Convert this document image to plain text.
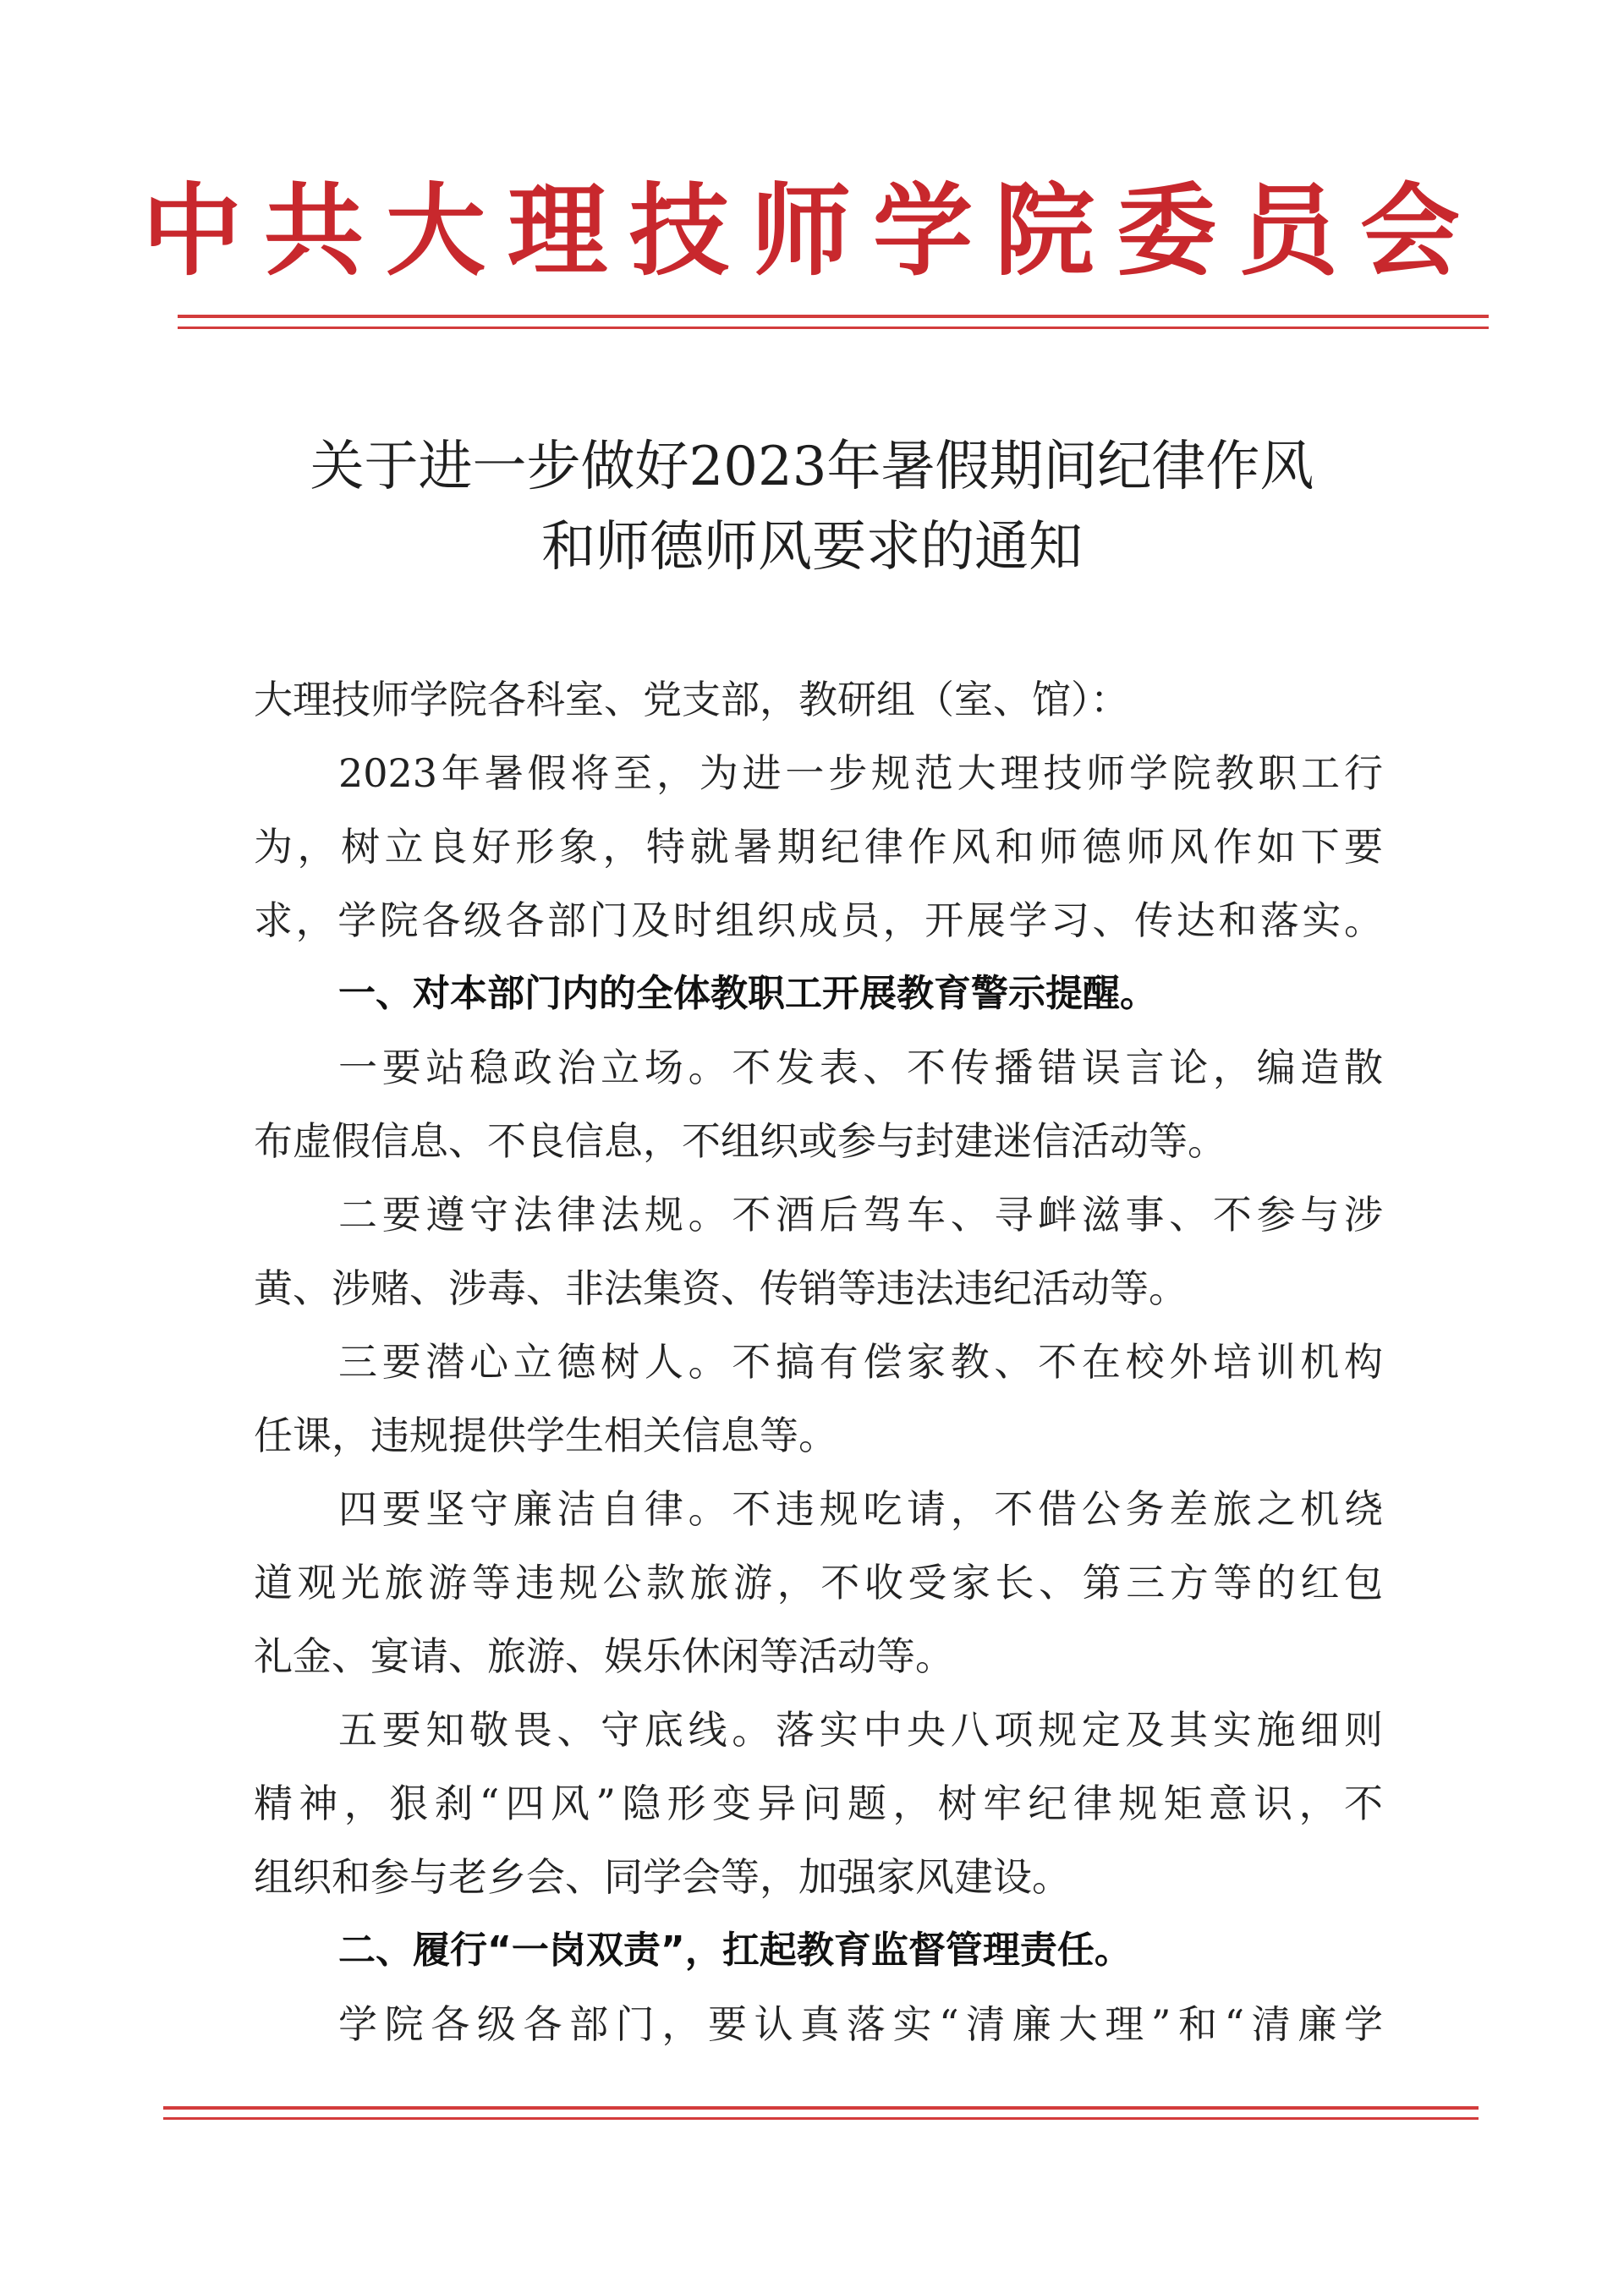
中共大理技师学院委员会
关于进一步做好2023年暑假期间纪律作风
和师德师风要求的通知
大理技师学院各科室、党支部，教研组（室、馆）：
2023年暑假将至，为进一步规范大理技师学院教职工行
为，树立良好形象，特就暑期纪律作风和师德师风作如下要
求，学院各级各部门及时组织成员，开展学习、传达和落实。
一、对本部门内的全体教职工开展教育警示提醒。
一要站稳政治立场。不发表、不传播错误言论，编造散
布虚假信息、不良信息，不组织或参与封建迷信活动等。
二要遵守法律法规。不酒后驾车、寻衅滋事、不参与涉
黄、涉赌、涉毒、非法集资、传销等违法违纪活动等。
三要潜心立德树人。不搞有偿家教、不在校外培训机构
任课，违规提供学生相关信息等。
四要坚守廉洁自律。不违规吃请，不借公务差旅之机绕
道观光旅游等违规公款旅游，不收受家长、第三方等的红包
礼金、宴请、旅游、娱乐休闲等活动等。
五要知敬畏、守底线。落实中央八项规定及其实施细则
精神，狠刹“四风”隐形变异问题，树牢纪律规矩意识，不
组织和参与老乡会、同学会等，加强家风建设。
二、履行“一岗双责”，扛起教育监督管理责任。
学院各级各部门，要认真落实“清廉大理”和“清廉学
